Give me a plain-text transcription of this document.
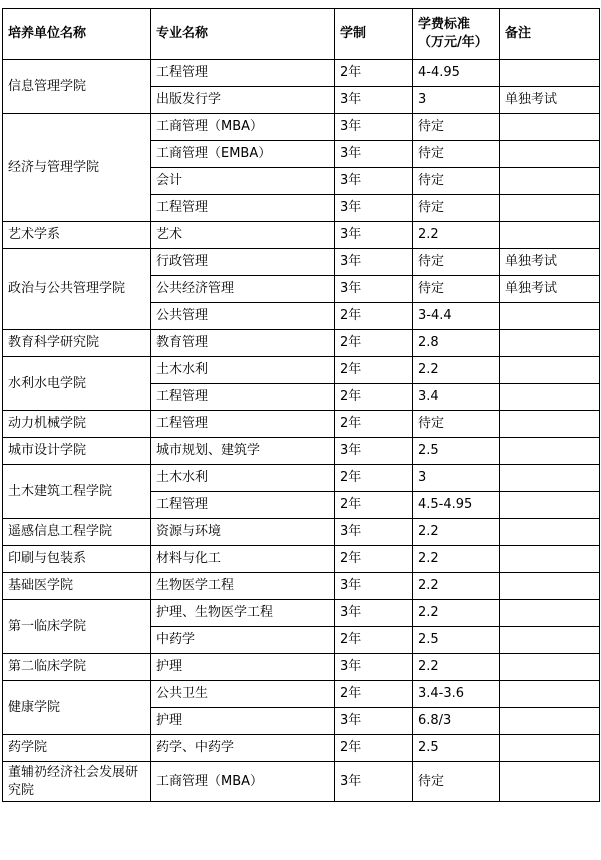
培养单位名称	专业名称	学制	学费标准（万元/年）	备注
信息管理学院	工程管理	2年	4-4.95	
	出版发行学	3年	3	单独考试
经济与管理学院	工商管理（MBA）	3年	待定	
	工商管理（EMBA）	3年	待定	
	会计	3年	待定	
	工程管理	3年	待定	
艺术学系	艺术	3年	2.2	
政治与公共管理学院	行政管理	3年	待定	单独考试
	公共经济管理	3年	待定	单独考试
	公共管理	2年	3-4.4	
教育科学研究院	教育管理	2年	2.8	
水利水电学院	土木水利	2年	2.2	
	工程管理	2年	3.4	
动力机械学院	工程管理	2年	待定	
城市设计学院	城市规划、建筑学	3年	2.5	
土木建筑工程学院	土木水利	2年	3	
	工程管理	2年	4.5-4.95	
遥感信息工程学院	资源与环境	3年	2.2	
印刷与包装系	材料与化工	2年	2.2	
基础医学院	生物医学工程	3年	2.2	
第一临床学院	护理、生物医学工程	3年	2.2	
	中药学	2年	2.5	
第二临床学院	护理	3年	2.2	
健康学院	公共卫生	2年	3.4-3.6	
	护理	3年	6.8/3	
药学院	药学、中药学	2年	2.5	
董辅礽经济社会发展研究院	工商管理（MBA）	3年	待定	
